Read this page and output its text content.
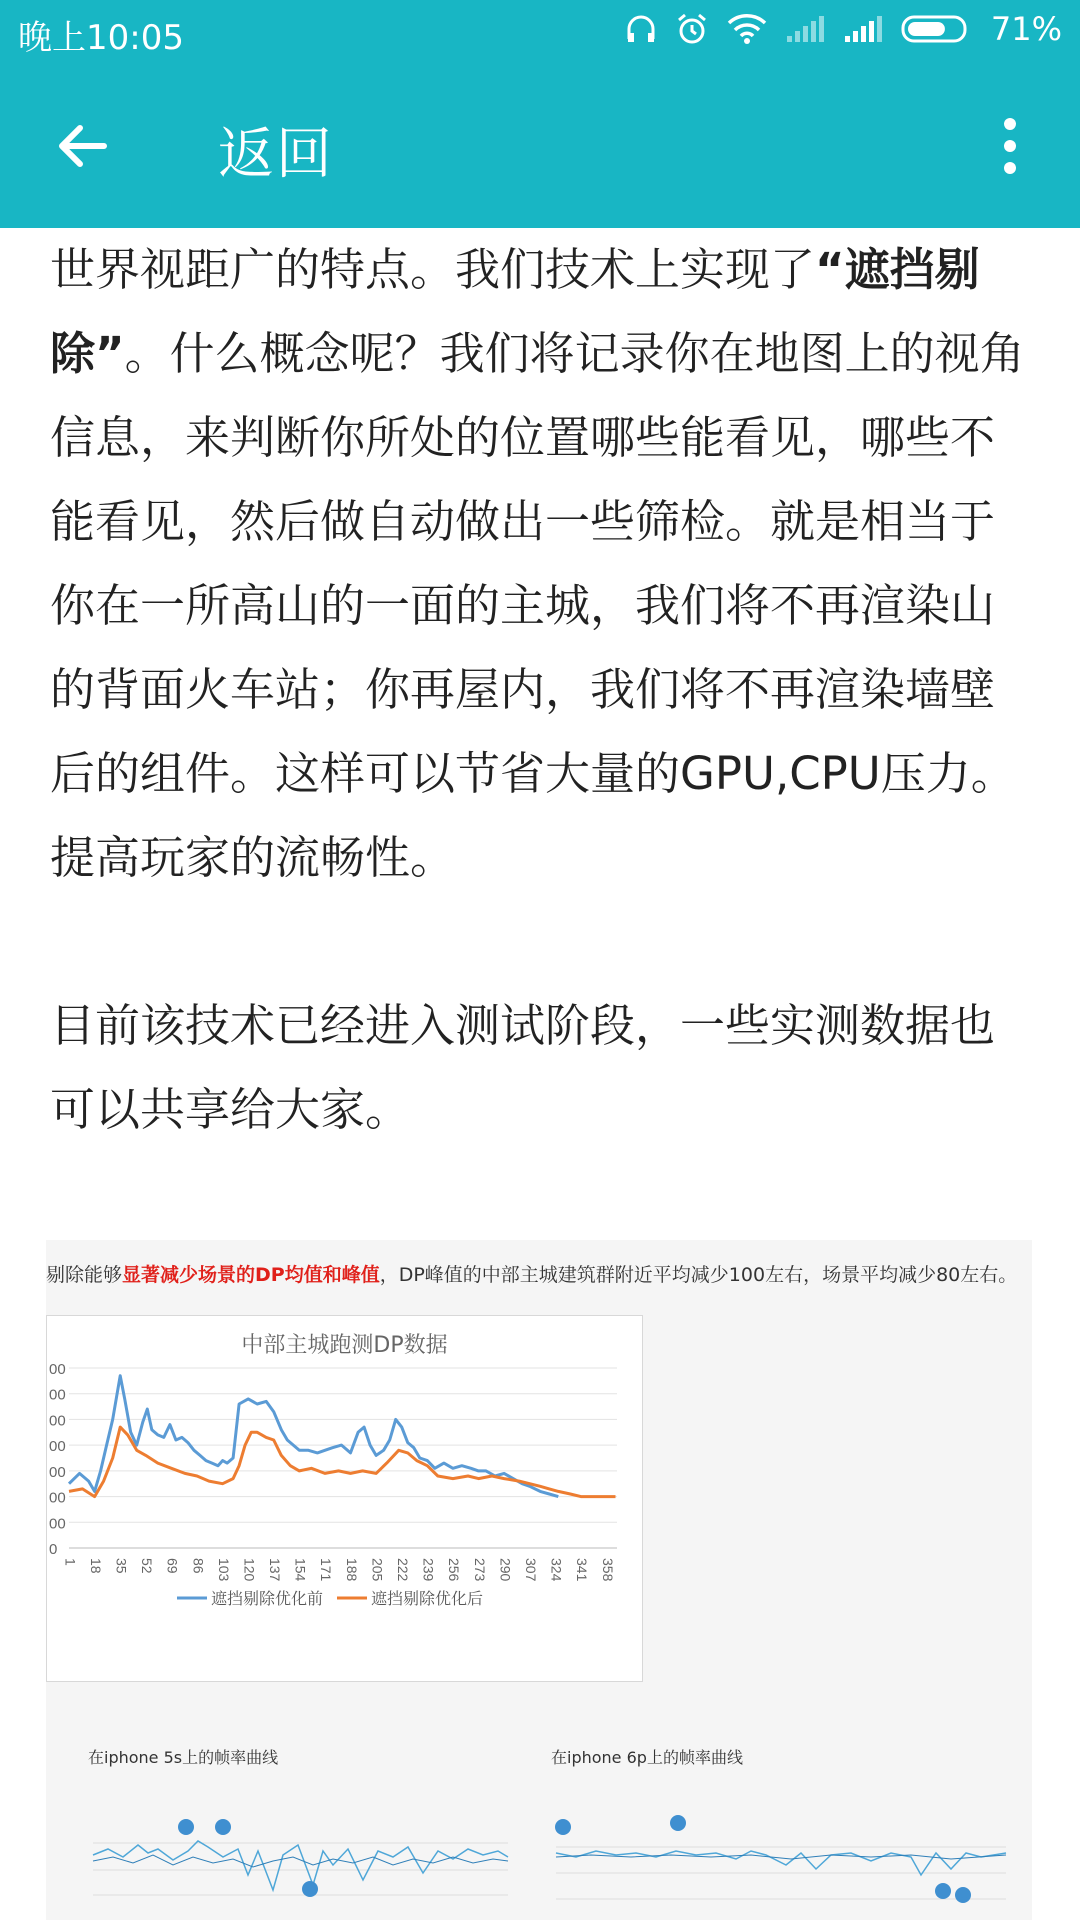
晚上10:05	71%
返回

世界视距广的特点。我们技术上实现了“遮挡剔除”。什么概念呢？我们将记录你在地图上的视角信息，来判断你所处的位置哪些能看见，哪些不能看见，然后做自动做出一些筛检。就是相当于你在一所高山的一面的主城，我们将不再渲染山的背面火车站；你再屋内，我们将不再渲染墙壁后的组件。这样可以节省大量的GPU,CPU压力。提高玩家的流畅性。

目前该技术已经进入测试阶段，一些实测数据也可以共享给大家。

剔除能够显著减少场景的DP均值和峰值，DP峰值的中部主城建筑群附近平均减少100左右，场景平均减少80左右。
中部主城跑测DP数据
0
00
00
00
00
00
00
00
1 18 35 52 69 86 103 120 137 154 171 188 205 222 239 256 273 290 307 324 341 358
遮挡剔除优化前	遮挡剔除优化后
在iphone 5s上的帧率曲线	在iphone 6p上的帧率曲线
